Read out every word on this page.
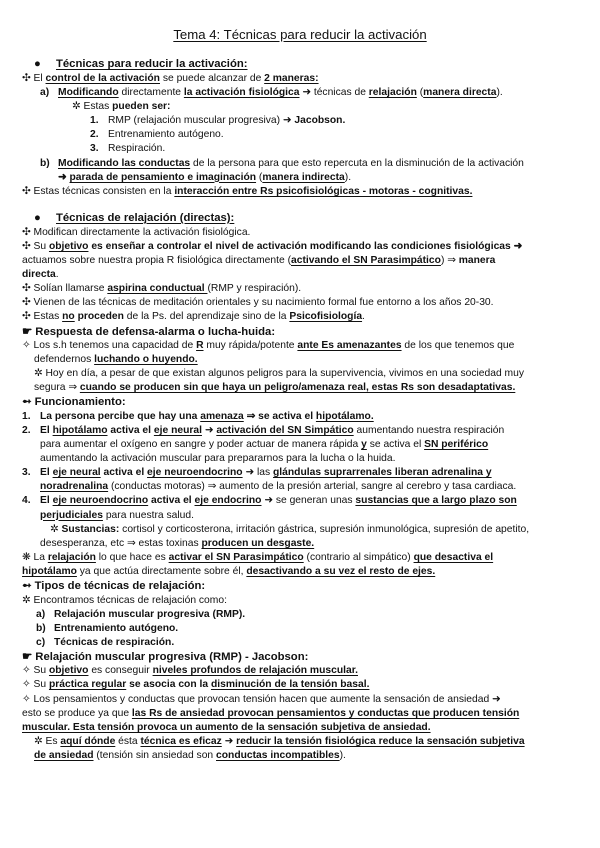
Tema 4: Técnicas para reducir la activación

● Técnicas para reducir la activación:

✣ El control de la activación se puede alcanzar de 2 maneras:

a) Modificando directamente la activación fisiológica ➜ técnicas de relajación (manera directa).

✲ Estas pueden ser:

1. RMP (relajación muscular progresiva) ➜ Jacobson.

2. Entrenamiento autógeno.

3. Respiración.

b) Modificando las conductas de la persona para que esto repercuta en la disminución de la activación

➜ parada de pensamiento e imaginación (manera indirecta).

✣ Estas técnicas consisten en la interacción entre Rs psicofisiológicas - motoras - cognitivas.

● Técnicas de relajación (directas):

✣ Modifican directamente la activación fisiológica.

✣ Su objetivo es enseñar a controlar el nivel de activación modificando las condiciones fisiológicas ➜

actuamos sobre nuestra propia R fisiológica directamente (activando el SN Parasimpático) ⇒ manera

directa.

✣ Solían llamarse aspirina conductual (RMP y respiración).

✣ Vienen de las técnicas de meditación orientales y su nacimiento formal fue entorno a los años 20-30.

✣ Estas no proceden de la Ps. del aprendizaje sino de la Psicofisiología.

☛ Respuesta de defensa-alarma o lucha-huida:

✧ Los s.h tenemos una capacidad de R muy rápida/potente ante Es amenazantes de los que tenemos que

defendernos luchando o huyendo.

✲ Hoy en día, a pesar de que existan algunos peligros para la supervivencia, vivimos en una sociedad muy

segura ⇒ cuando se producen sin que haya un peligro/amenaza real, estas Rs son desadaptativas.

➻ Funcionamiento:

1. La persona percibe que hay una amenaza ⇒ se activa el hipotálamo.

2. El hipotálamo activa el eje neural ➜ activación del SN Simpático aumentando nuestra respiración

para aumentar el oxígeno en sangre y poder actuar de manera rápida y se activa el SN periférico

aumentando la activación muscular para prepararnos para la lucha o la huida.

3. El eje neural activa el eje neuroendocrino ➜ las glándulas suprarrenales liberan adrenalina y

noradrenalina (conductas motoras) ⇒ aumento de la presión arterial, sangre al cerebro y tasa cardiaca.

4. El eje neuroendocrino activa el eje endocrino ➜ se generan unas sustancias que a largo plazo son

perjudiciales para nuestra salud.

✲ Sustancias: cortisol y corticosterona, irritación gástrica, supresión inmunológica, supresión de apetito,

desesperanza, etc ⇒ estas toxinas producen un desgaste.

❋ La relajación lo que hace es activar el SN Parasimpático (contrario al simpático) que desactiva el

hipotálamo ya que actúa directamente sobre él, desactivando a su vez el resto de ejes.

➻ Tipos de técnicas de relajación:

✲ Encontramos técnicas de relajación como:

a) Relajación muscular progresiva (RMP).

b) Entrenamiento autógeno.

c) Técnicas de respiración.

☛ Relajación muscular progresiva (RMP) - Jacobson:

✧ Su objetivo es conseguir niveles profundos de relajación muscular.

✧ Su práctica regular se asocia con la disminución de la tensión basal.

✧ Los pensamientos y conductas que provocan tensión hacen que aumente la sensación de ansiedad ➜

esto se produce ya que las Rs de ansiedad provocan pensamientos y conductas que producen tensión

muscular. Esta tensión provoca un aumento de la sensación subjetiva de ansiedad.

✲ Es aquí dónde ésta técnica es eficaz ➜ reducir la tensión fisiológica reduce la sensación subjetiva

de ansiedad (tensión sin ansiedad son conductas incompatibles).
